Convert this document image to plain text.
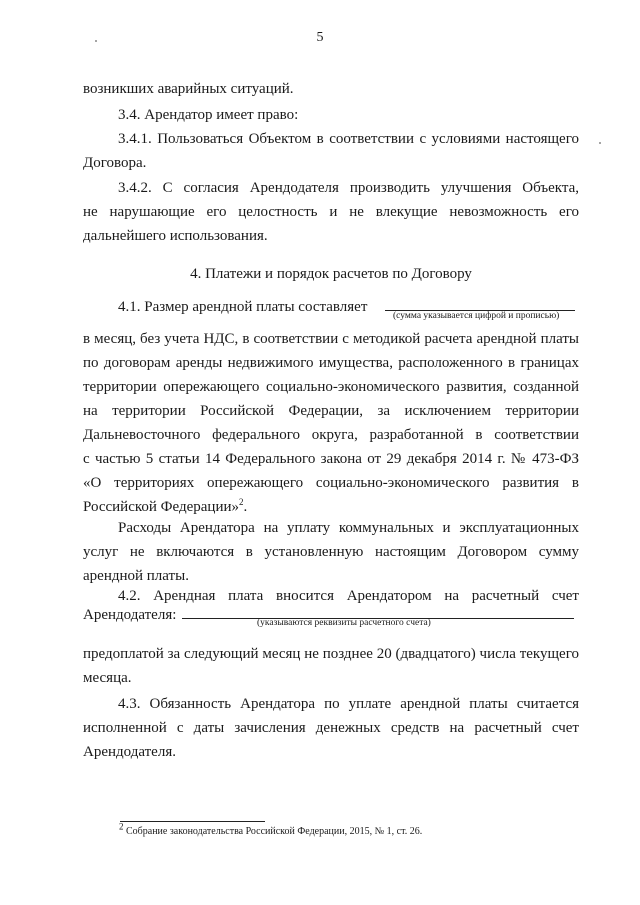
5
возникших аварийных ситуаций.
3.4. Арендатор имеет право:
3.4.1. Пользоваться Объектом в соответствии с условиями настоящего
Договора.
3.4.2. С согласия Арендодателя производить улучшения Объекта,
не нарушающие его целостность и не влекущие невозможность его
дальнейшего использования.
4. Платежи и порядок расчетов по Договору
4.1. Размер арендной платы составляет
(сумма указывается цифрой и прописью)
в месяц, без учета НДС, в соответствии с методикой расчета арендной платы
по договорам аренды недвижимого имущества, расположенного в границах
территории опережающего социально-экономического развития, созданной
на территории Российской Федерации, за исключением территории
Дальневосточного федерального округа, разработанной в соответствии
с частью 5 статьи 14 Федерального закона от 29 декабря 2014 г. № 473-ФЗ
«О территориях опережающего социально-экономического развития в
Российской Федерации»$^2$.
Расходы Арендатора на уплату коммунальных и эксплуатационных
услуг не включаются в установленную настоящим Договором сумму
арендной платы.
4.2. Арендная плата вносится Арендатором на расчетный счет
Арендодателя:	(указываются реквизиты расчетного счета)
предоплатой за следующий месяц не позднее 20 (двадцатого) числа текущего
месяца.
4.3. Обязанность Арендатора по уплате арендной платы считается
исполненной с даты зачисления денежных средств на расчетный счет
Арендодателя.
2 Собрание законодательства Российской Федерации, 2015, № 1, ст. 26.
